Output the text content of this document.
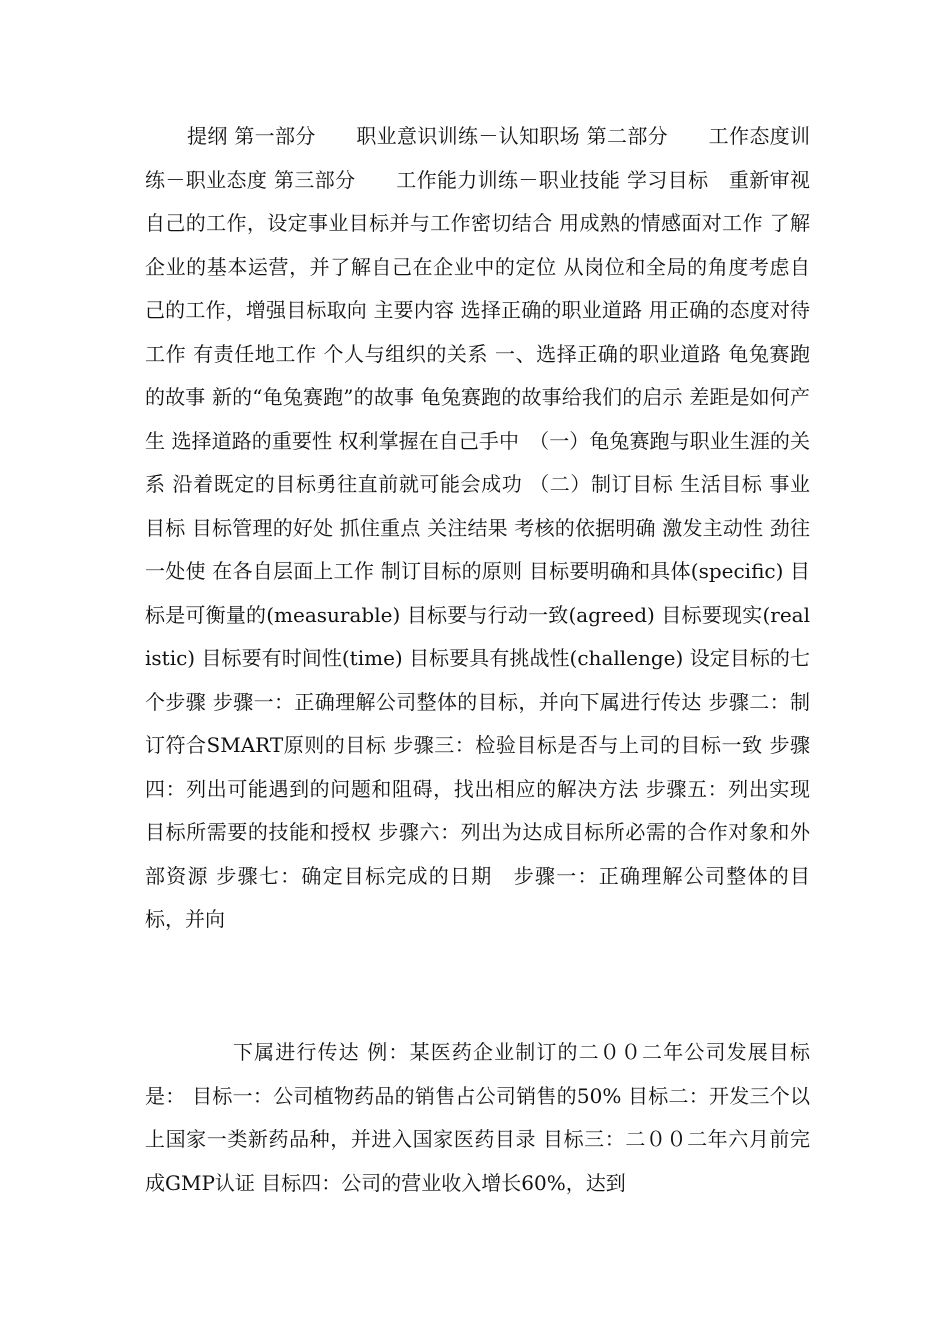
提纲 第一部分　　职业意识训练－认知职场 第二部分　　工作态度训练－职业态度 第三部分　　工作能力训练－职业技能 学习目标　重新审视自己的工作，设定事业目标并与工作密切结合 用成熟的情感面对工作 了解企业的基本运营，并了解自己在企业中的定位 从岗位和全局的角度考虑自己的工作，增强目标取向 主要内容 选择正确的职业道路 用正确的态度对待工作 有责任地工作 个人与组织的关系 一、选择正确的职业道路 龟兔赛跑的故事 新的“龟兔赛跑”的故事 龟兔赛跑的故事给我们的启示 差距是如何产生 选择道路的重要性 权利掌握在自己手中　（一）龟兔赛跑与职业生涯的关系 沿着既定的目标勇往直前就可能会成功 （二）制订目标 生活目标 事业目标 目标管理的好处 抓住重点 关注结果 考核的依据明确 激发主动性 劲往一处使 在各自层面上工作 制订目标的原则 目标要明确和具体(specific) 目标是可衡量的(measurable) 目标要与行动一致(agreed) 目标要现实(realistic) 目标要有时间性(time) 目标要具有挑战性(challenge) 设定目标的七个步骤 步骤一：正确理解公司整体的目标，并向下属进行传达 步骤二：制订符合SMART原则的目标 步骤三：检验目标是否与上司的目标一致 步骤四：列出可能遇到的问题和阻碍，找出相应的解决方法 步骤五：列出实现目标所需要的技能和授权 步骤六：列出为达成目标所必需的合作对象和外部资源 步骤七：确定目标完成的日期　步骤一：正确理解公司整体的目标，并向

下属进行传达 例：某医药企业制订的二００二年公司发展目标是： 目标一：公司植物药品的销售占公司销售的50% 目标二：开发三个以上国家一类新药品种，并进入国家医药目录 目标三：二００二年六月前完成GMP认证 目标四：公司的营业收入增长60%，达到
